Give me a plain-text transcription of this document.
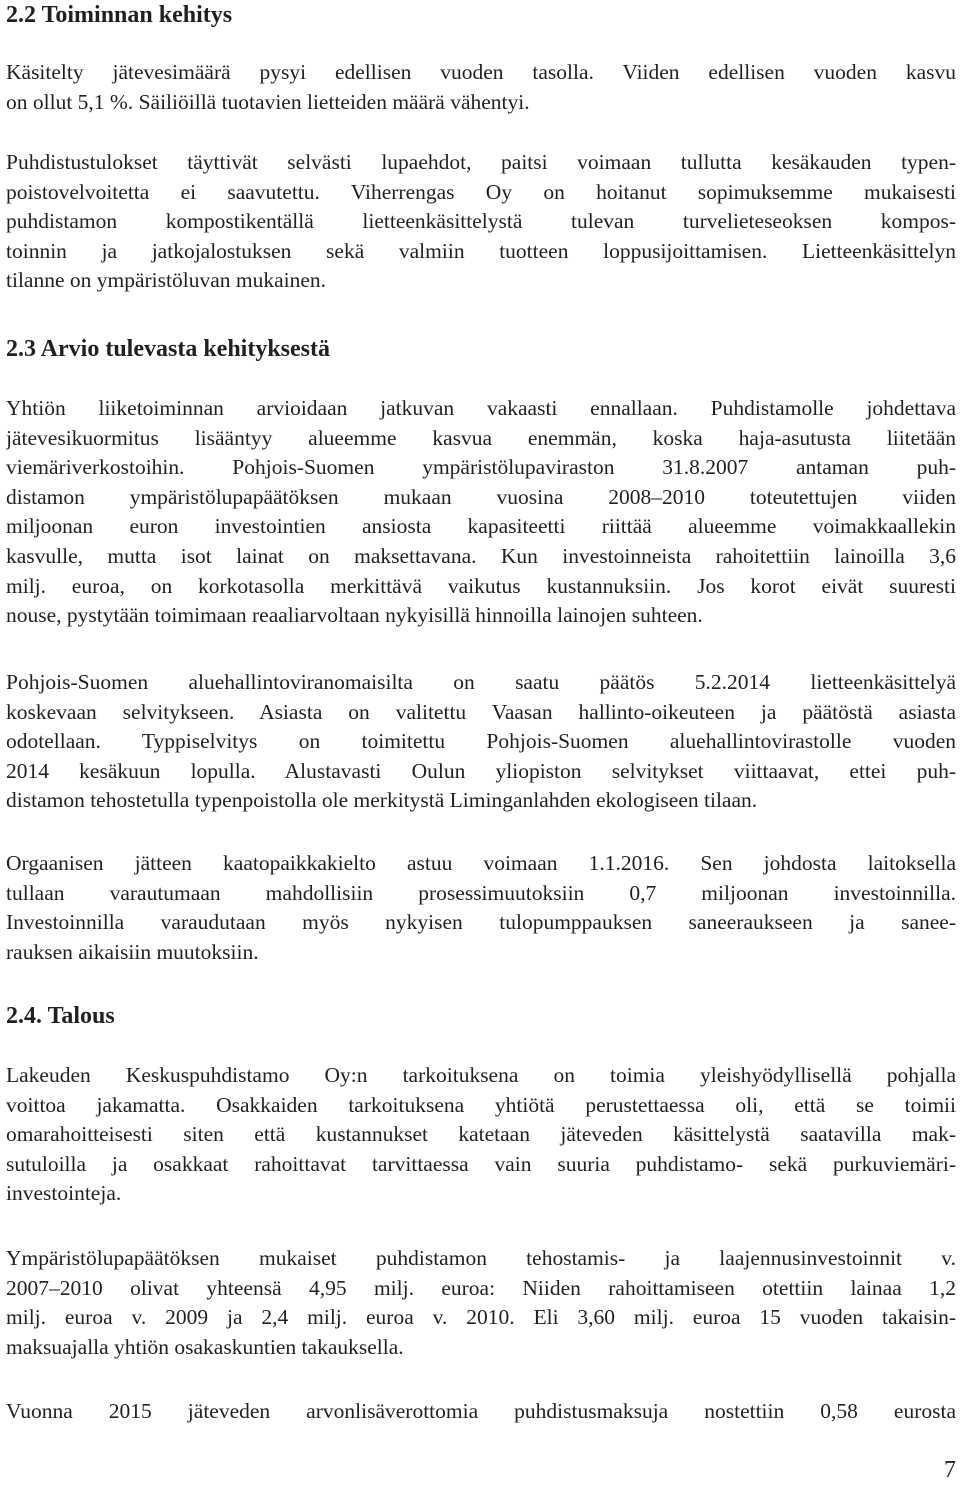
2.2 Toiminnan kehitys

Käsitelty jätevesimäärä pysyi edellisen vuoden tasolla. Viiden edellisen vuoden kasvu
on ollut 5,1 %. Säiliöillä tuotavien lietteiden määrä vähentyi.

Puhdistustulokset täyttivät selvästi lupaehdot, paitsi voimaan tullutta kesäkauden typen-
poistovelvoitetta ei saavutettu. Viherrengas Oy on hoitanut sopimuksemme mukaisesti
puhdistamon kompostikentällä lietteenkäsittelystä tulevan turvelieteseoksen kompos-
toinnin ja jatkojalostuksen sekä valmiin tuotteen loppusijoittamisen. Lietteenkäsittelyn
tilanne on ympäristöluvan mukainen.

2.3 Arvio tulevasta kehityksestä

Yhtiön liiketoiminnan arvioidaan jatkuvan vakaasti ennallaan. Puhdistamolle johdettava
jätevesikuormitus lisääntyy alueemme kasvua enemmän, koska haja-asutusta liitetään
viemäriverkostoihin. Pohjois-Suomen ympäristölupaviraston 31.8.2007 antaman puh-
distamon ympäristölupapäätöksen mukaan vuosina 2008–2010 toteutettujen viiden
miljoonan euron investointien ansiosta kapasiteetti riittää alueemme voimakkaallekin
kasvulle, mutta isot lainat on maksettavana. Kun investoinneista rahoitettiin lainoilla 3,6
milj. euroa, on korkotasolla merkittävä vaikutus kustannuksiin. Jos korot eivät suuresti
nouse, pystytään toimimaan reaaliarvoltaan nykyisillä hinnoilla lainojen suhteen.

Pohjois-Suomen aluehallintoviranomaisilta on saatu päätös 5.2.2014 lietteenkäsittelyä
koskevaan selvitykseen. Asiasta on valitettu Vaasan hallinto-oikeuteen ja päätöstä asiasta
odotellaan. Typpiselvitys on toimitettu Pohjois-Suomen aluehallintovirastolle vuoden
2014 kesäkuun lopulla. Alustavasti Oulun yliopiston selvitykset viittaavat, ettei puh-
distamon tehostetulla typenpoistolla ole merkitystä Liminganlahden ekologiseen tilaan.

Orgaanisen jätteen kaatopaikkakielto astuu voimaan 1.1.2016. Sen johdosta laitoksella
tullaan varautumaan mahdollisiin prosessimuutoksiin 0,7 miljoonan investoinnilla.
Investoinnilla varaudutaan myös nykyisen tulopumppauksen saneeraukseen ja sanee-
rauksen aikaisiin muutoksiin.

2.4. Talous

Lakeuden Keskuspuhdistamo Oy:n tarkoituksena on toimia yleishyödyllisellä pohjalla
voittoa jakamatta. Osakkaiden tarkoituksena yhtiötä perustettaessa oli, että se toimii
omarahoitteisesti siten että kustannukset katetaan jäteveden käsittelystä saatavilla mak-
sutuloilla ja osakkaat rahoittavat tarvittaessa vain suuria puhdistamo- sekä purkuviemäri-
investointeja.

Ympäristölupapäätöksen mukaiset puhdistamon tehostamis- ja laajennusinvestoinnit v.
2007–2010 olivat yhteensä 4,95 milj. euroa: Niiden rahoittamiseen otettiin lainaa 1,2
milj. euroa v. 2009 ja 2,4 milj. euroa v. 2010. Eli 3,60 milj. euroa 15 vuoden takaisin-
maksuajalla yhtiön osakaskuntien takauksella.

Vuonna 2015 jäteveden arvonlisäverottomia puhdistusmaksuja nostettiin 0,58 eurosta

7
